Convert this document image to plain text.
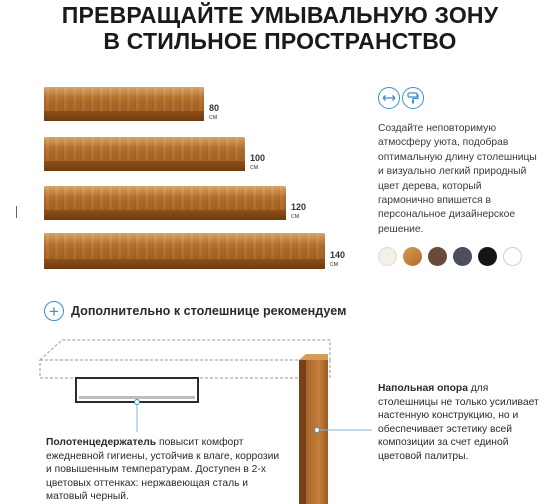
ПРЕВРАЩАЙТЕ УМЫВАЛЬНУЮ ЗОНУ
В СТИЛЬНОЕ ПРОСТРАНСТВО
80
см
100
см
120
см
140
см
Создайте неповторимую атмосферу уюта, подобрав оптимальную длину столешницы и визуально легкий природный цвет дерева, который гармонично впишется в персональное дизайнерское решение.
+ Дополнительно к столешнице рекомендуем
Полотенцедержатель повысит комфорт ежедневной гигиены, устойчив к влаге, коррозии и повышенным температурам. Доступен в 2-х цветовых оттенках: нержавеющая сталь и матовый черный.
Напольная опора для столешницы не только усиливает настенную конструкцию, но и обеспечивает эстетику всей композиции за счет единой цветовой палитры.
